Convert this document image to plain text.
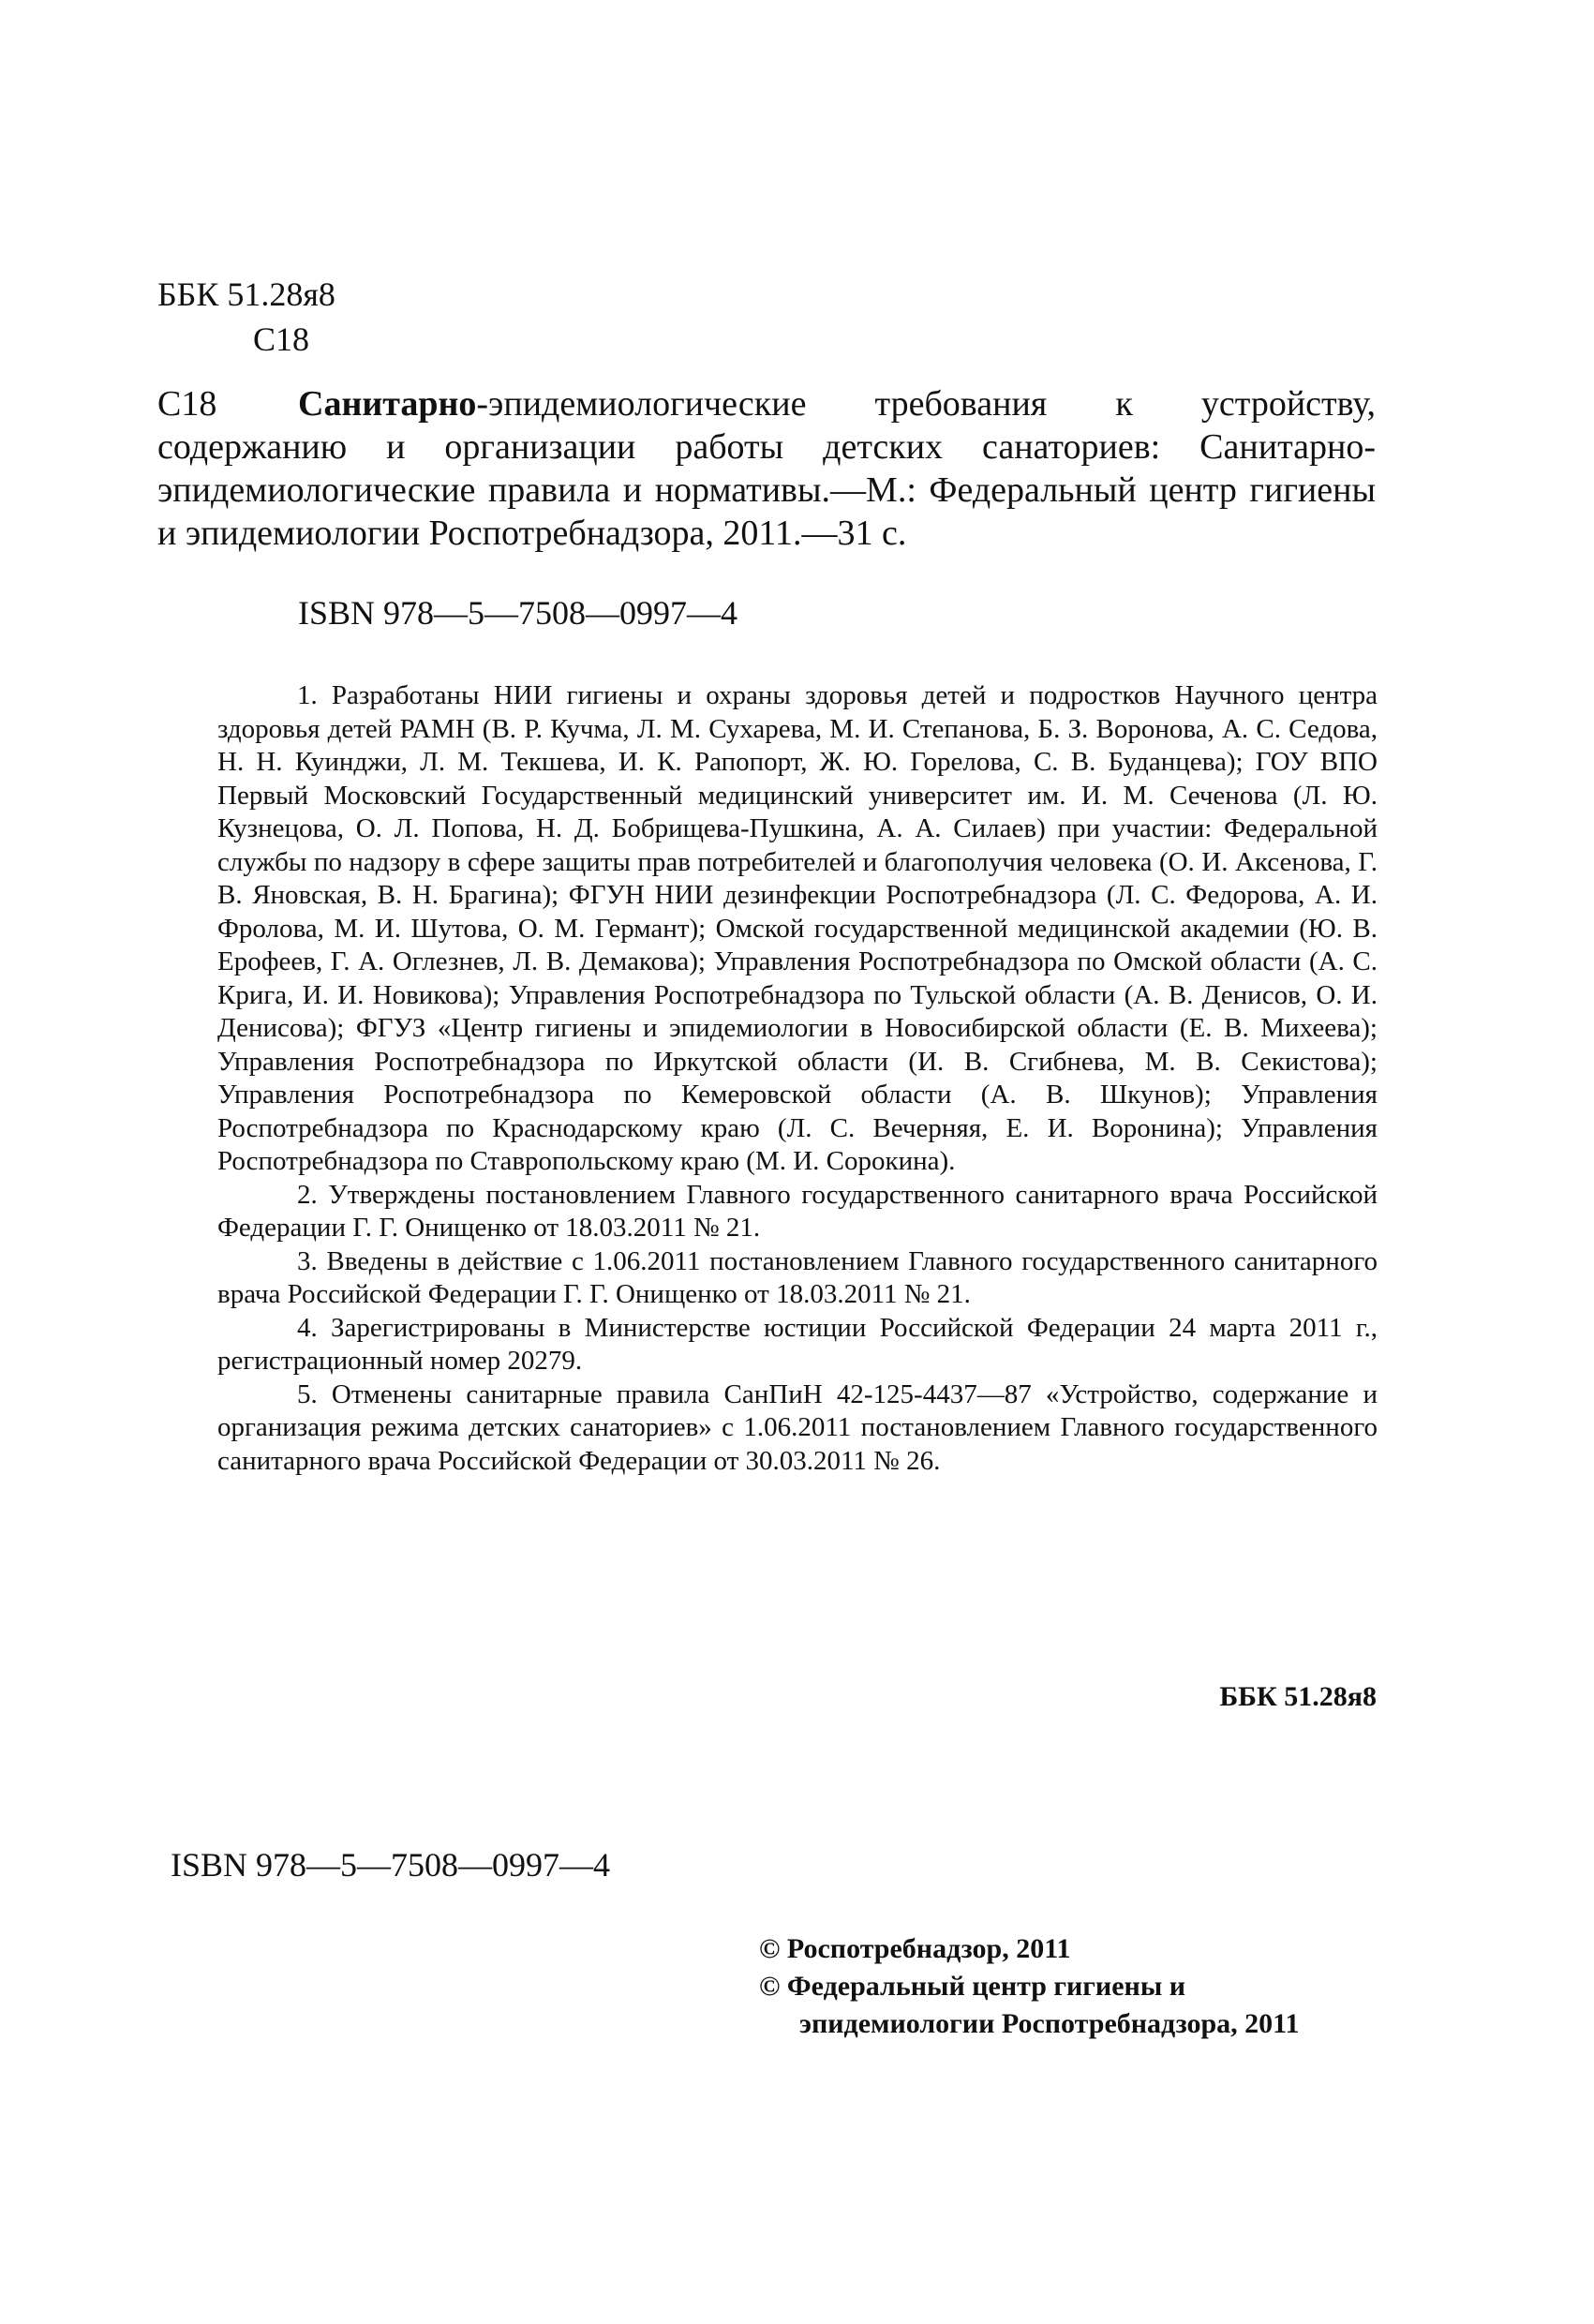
ББК 51.28я8
С18
С18	Санитарно-эпидемиологические требования к устройству, содержанию и организации работы детских санаториев: Санитарно-эпидемиологические правила и нормативы.—М.: Федеральный центр гигиены и эпидемиологии Роспотребнадзора, 2011.—31 с.
ISBN 978—5—7508—0997—4

1. Разработаны НИИ гигиены и охраны здоровья детей и подростков Научного центра здоровья детей РАМН (В. Р. Кучма, Л. М. Сухарева, М. И. Степанова, Б. З. Воронова, А. С. Седова, Н. Н. Куинджи, Л. М. Текшева, И. К. Рапопорт, Ж. Ю. Горелова, С. В. Буданцева); ГОУ ВПО Первый Московский Государственный медицинский университет им. И. М. Сеченова (Л. Ю. Кузнецова, О. Л. Попова, Н. Д. Бобрищева-Пушкина, А. А. Силаев) при участии: Федеральной службы по надзору в сфере защиты прав потребителей и благополучия человека (О. И. Аксенова, Г. В. Яновская, В. Н. Брагина); ФГУН НИИ дезинфекции Роспотребнадзора (Л. С. Федорова, А. И. Фролова, М. И. Шутова, О. М. Германт); Омской государственной медицинской академии (Ю. В. Ерофеев, Г. А. Оглезнев, Л. В. Демакова); Управления Роспотребнадзора по Омской области (А. С. Крига, И. И. Новикова); Управления Роспотребнадзора по Тульской области (А. В. Денисов, О. И. Денисова); ФГУЗ «Центр гигиены и эпидемиологии в Новосибирской области (Е. В. Михеева); Управления Роспотребнадзора по Иркутской области (И. В. Сгибнева, М. В. Секистова); Управления Роспотребнадзора по Кемеровской области (А. В. Шкунов); Управления Роспотребнадзора по Краснодарскому краю (Л. С. Вечерняя, Е. И. Воронина); Управления Роспотребнадзора по Ставропольскому краю (М. И. Сорокина).

2. Утверждены постановлением Главного государственного санитарного врача Российской Федерации Г. Г. Онищенко от 18.03.2011 № 21.

3. Введены в действие с 1.06.2011 постановлением Главного государственного санитарного врача Российской Федерации Г. Г. Онищенко от 18.03.2011 № 21.

4. Зарегистрированы в Министерстве юстиции Российской Федерации 24 марта 2011 г., регистрационный номер 20279.

5. Отменены санитарные правила СанПиН 42-125-4437—87 «Устройство, содержание и организация режима детских санаториев» с 1.06.2011 постановлением Главного государственного санитарного врача Российской Федерации от 30.03.2011 № 26.

ББК 51.28я8
ISBN 978—5—7508—0997—4
© Роспотребнадзор, 2011
© Федеральный центр гигиены и
эпидемиологии Роспотребнадзора, 2011
